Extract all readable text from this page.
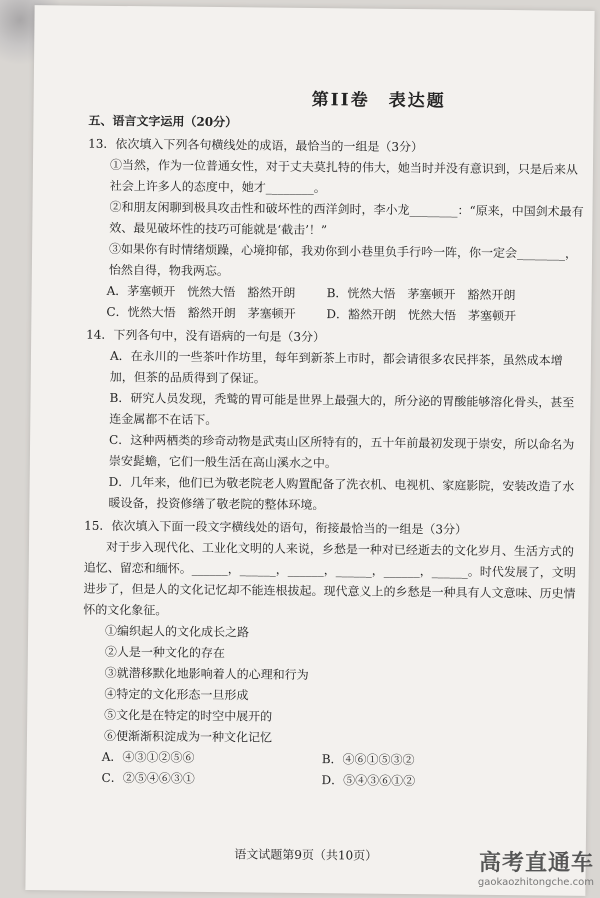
第II卷　表达题
五、语言文字运用（20分）
13．依次填入下列各句横线处的成语，最恰当的一组是（3分）
①当然，作为一位普通女性，对于丈夫莫扎特的伟大，她当时并没有意识到，只是后来从社会上许多人的态度中，她才________。
②和朋友闲聊到极具攻击性和破坏性的西洋剑时，李小龙________：“原来，中国剑术最有效、最见破坏性的技巧可能就是‘截击’！”
③如果你有时情绪烦躁，心境抑郁，我劝你到小巷里负手行吟一阵，你一定会________，怡然自得，物我两忘。
A．茅塞顿开　恍然大悟　豁然开朗	B．恍然大悟　茅塞顿开　豁然开朗
C．恍然大悟　豁然开朗　茅塞顿开	D．豁然开朗　恍然大悟　茅塞顿开
14．下列各句中，没有语病的一句是（3分）
A．在永川的一些茶叶作坊里，每年到新茶上市时，都会请很多农民拌茶，虽然成本增加，但茶的品质得到了保证。
B．研究人员发现，秃鹫的胃可能是世界上最强大的，所分泌的胃酸能够溶化骨头，甚至连金属都不在话下。
C．这种两栖类的珍奇动物是武夷山区所特有的，五十年前最初发现于崇安，所以命名为崇安髭蟾，它们一般生活在高山溪水之中。
D．几年来，他们已为敬老院老人购置配备了洗衣机、电视机、家庭影院，安装改造了水暖设备，投资修缮了敬老院的整体环境。
15．依次填入下面一段文字横线处的语句，衔接最恰当的一组是（3分）
对于步入现代化、工业化文明的人来说，乡愁是一种对已经逝去的文化岁月、生活方式的追忆、留恋和缅怀。______，______，______，______，______，______。时代发展了，文明进步了，但是人的文化记忆却不能连根拔起。现代意义上的乡愁是一种具有人文意味、历史情怀的文化象征。
①编织起人的文化成长之路
②人是一种文化的存在
③就潜移默化地影响着人的心理和行为
④特定的文化形态一旦形成
⑤文化是在特定的时空中展开的
⑥便渐渐积淀成为一种文化记忆
A．④③①②⑤⑥	B．④⑥①⑤③②
C．②⑤④⑥③①	D．⑤④③⑥①②
语文试题第9页（共10页）	高考直通车
gaokaozhitongche.com
